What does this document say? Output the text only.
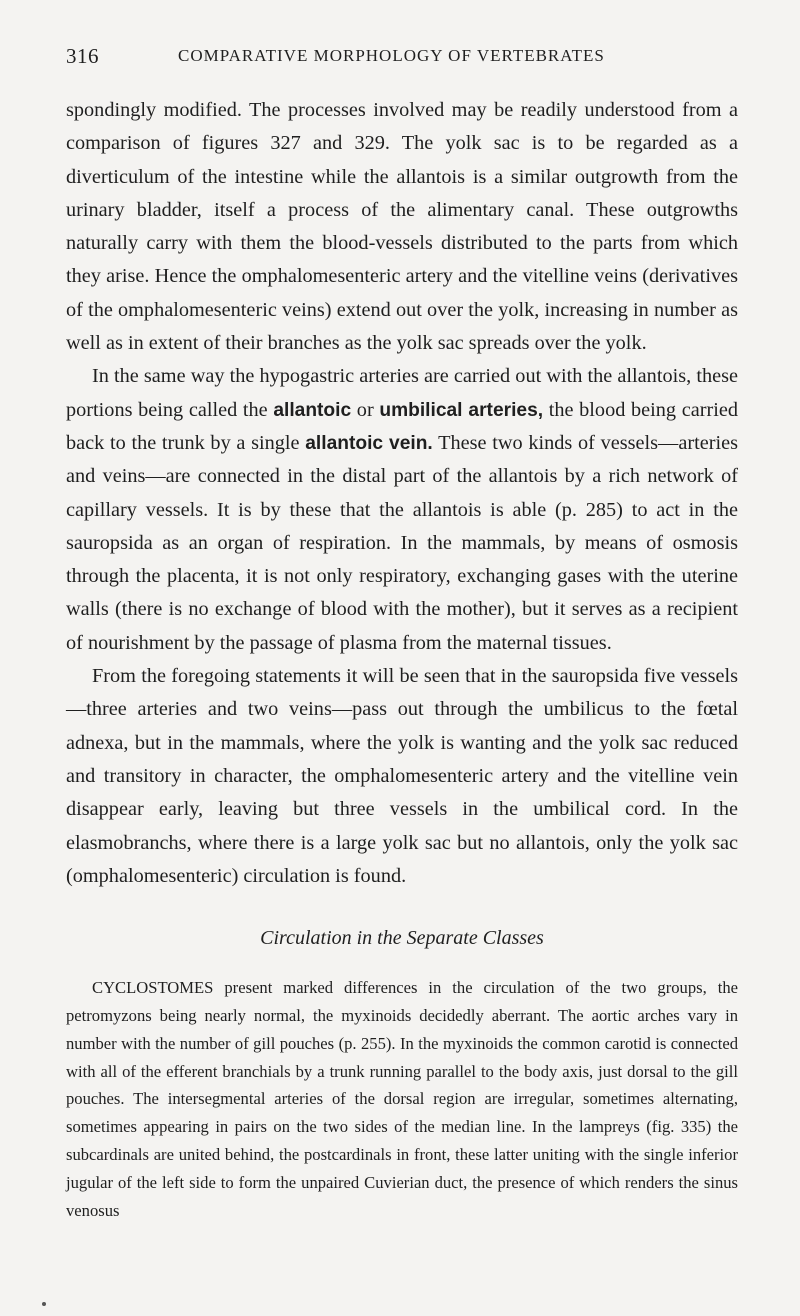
316	COMPARATIVE MORPHOLOGY OF VERTEBRATES

spondingly modified. The processes involved may be readily understood from a comparison of figures 327 and 329. The yolk sac is to be regarded as a diverticulum of the intestine while the allantois is a similar outgrowth from the urinary bladder, itself a process of the alimentary canal. These outgrowths naturally carry with them the blood-vessels distributed to the parts from which they arise. Hence the omphalomesenteric artery and the vitelline veins (derivatives of the omphalomesenteric veins) extend out over the yolk, increasing in number as well as in extent of their branches as the yolk sac spreads over the yolk.

In the same way the hypogastric arteries are carried out with the allantois, these portions being called the allantoic or umbilical arteries, the blood being carried back to the trunk by a single allantoic vein. These two kinds of vessels—arteries and veins—are connected in the distal part of the allantois by a rich network of capillary vessels. It is by these that the allantois is able (p. 285) to act in the sauropsida as an organ of respiration. In the mammals, by means of osmosis through the placenta, it is not only respiratory, exchanging gases with the uterine walls (there is no exchange of blood with the mother), but it serves as a recipient of nourishment by the passage of plasma from the maternal tissues.

From the foregoing statements it will be seen that in the sauropsida five vessels—three arteries and two veins—pass out through the umbilicus to the fœtal adnexa, but in the mammals, where the yolk is wanting and the yolk sac reduced and transitory in character, the omphalomesenteric artery and the vitelline vein disappear early, leaving but three vessels in the umbilical cord. In the elasmobranchs, where there is a large yolk sac but no allantois, only the yolk sac (omphalomesenteric) circulation is found.

Circulation in the Separate Classes

CYCLOSTOMES present marked differences in the circulation of the two groups, the petromyzons being nearly normal, the myxinoids decidedly aberrant. The aortic arches vary in number with the number of gill pouches (p. 255). In the myxinoids the common carotid is connected with all of the efferent branchials by a trunk running parallel to the body axis, just dorsal to the gill pouches. The intersegmental arteries of the dorsal region are irregular, sometimes alternating, sometimes appearing in pairs on the two sides of the median line. In the lampreys (fig. 335) the subcardinals are united behind, the postcardinals in front, these latter uniting with the single inferior jugular of the left side to form the unpaired Cuvierian duct, the presence of which renders the sinus venosus
